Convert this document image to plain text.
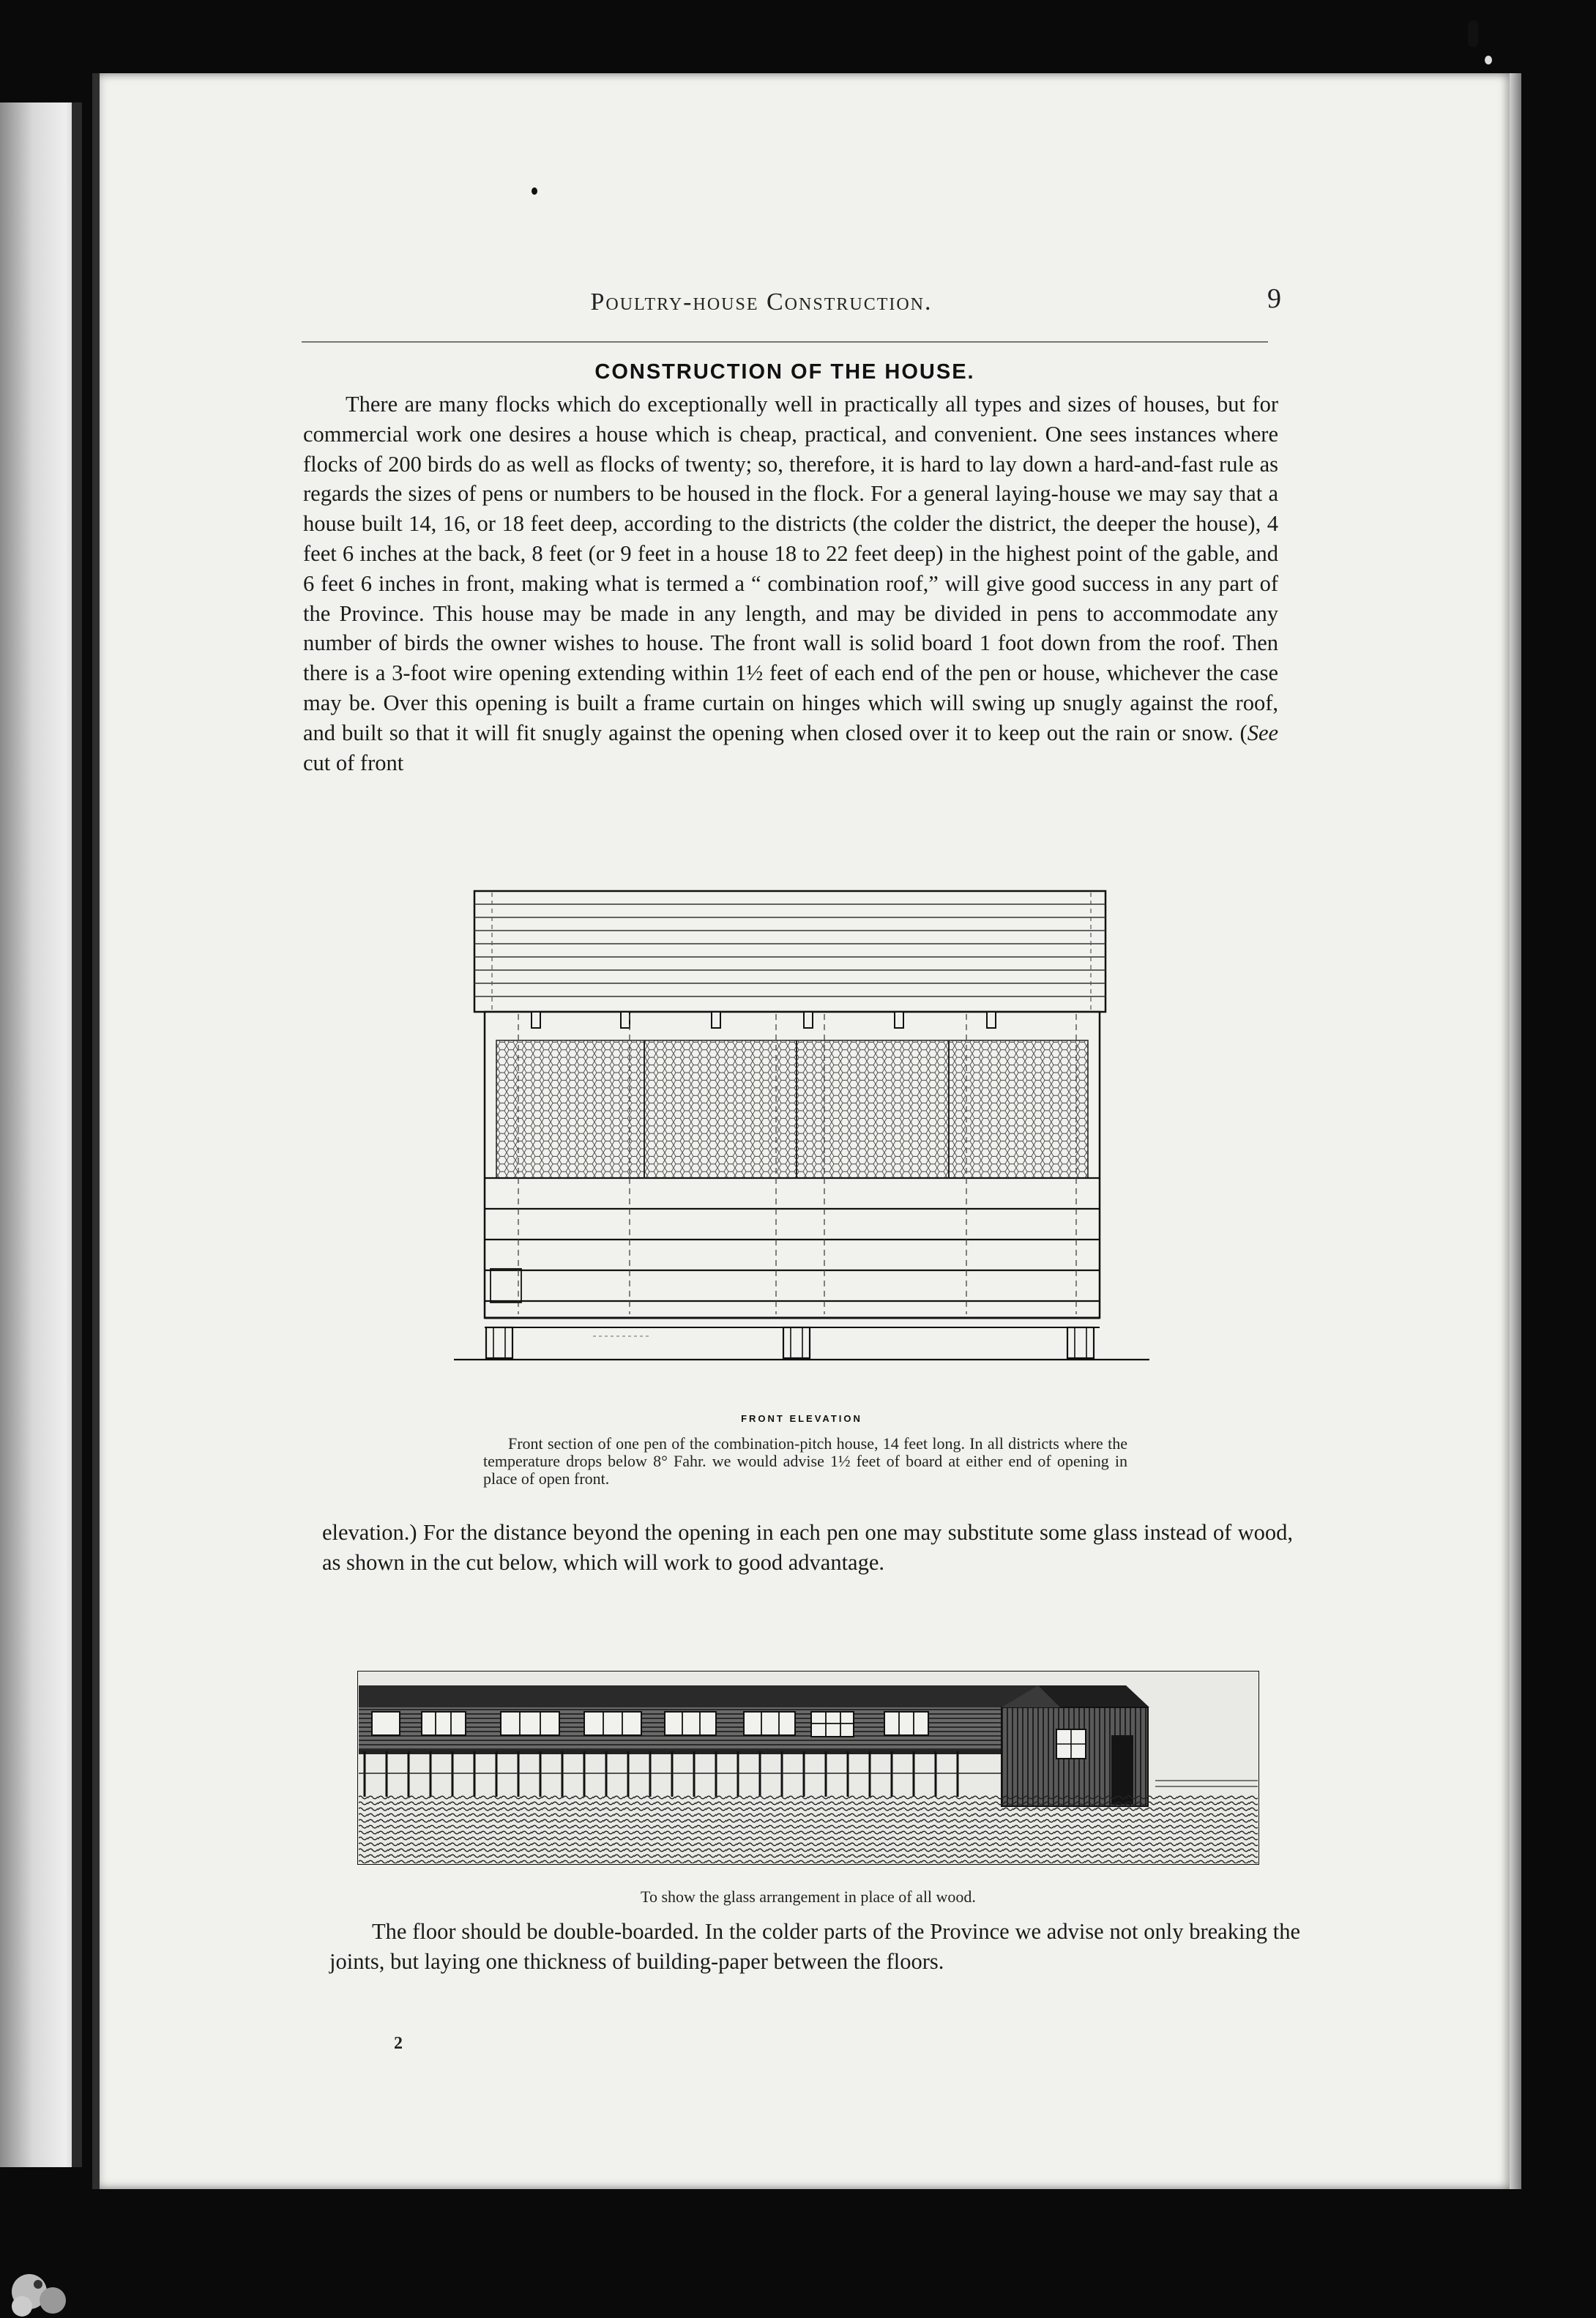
Poultry-house Construction.	9
CONSTRUCTION OF THE HOUSE.

There are many flocks which do exceptionally well in practically all types and sizes of houses, but for commercial work one desires a house which is cheap, practical, and convenient. One sees instances where flocks of 200 birds do as well as flocks of twenty; so, therefore, it is hard to lay down a hard-and-fast rule as regards the sizes of pens or numbers to be housed in the flock. For a general laying-house we may say that a house built 14, 16, or 18 feet deep, according to the districts (the colder the district, the deeper the house), 4 feet 6 inches at the back, 8 feet (or 9 feet in a house 18 to 22 feet deep) in the highest point of the gable, and 6 feet 6 inches in front, making what is termed a “ combination roof,” will give good success in any part of the Province. This house may be made in any length, and may be divided in pens to accommodate any number of birds the owner wishes to house. The front wall is solid board 1 foot down from the roof. Then there is a 3-foot wire opening extending within 1½ feet of each end of the pen or house, whichever the case may be. Over this opening is built a frame curtain on hinges which will swing up snugly against the roof, and built so that it will fit snugly against the opening when closed over it to keep out the rain or snow. (See cut of front

FRONT ELEVATION

Front section of one pen of the combination-pitch house, 14 feet long. In all districts where the temperature drops below 8° Fahr. we would advise 1½ feet of board at either end of opening in place of open front.

elevation.) For the distance beyond the opening in each pen one may substitute some glass instead of wood, as shown in the cut below, which will work to good advantage.

To show the glass arrangement in place of all wood.

The floor should be double-boarded. In the colder parts of the Province we advise not only breaking the joints, but laying one thickness of building-paper between the floors.

2
